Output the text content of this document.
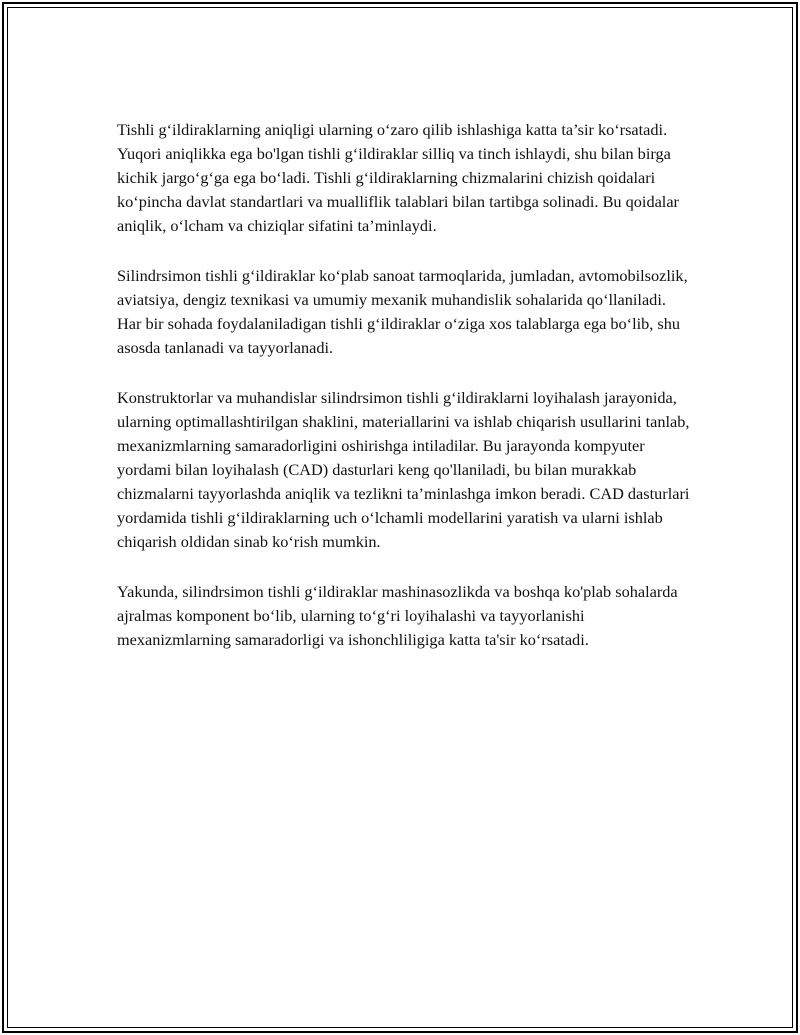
Tishli g‘ildiraklarning aniqligi ularning o‘zaro qilib ishlashiga katta ta’sir ko‘rsatadi. Yuqori aniqlikka ega bo'lgan tishli g‘ildiraklar silliq va tinch ishlaydi, shu bilan birga kichik jargo‘g‘ga ega bo‘ladi. Tishli g‘ildiraklarning chizmalarini chizish qoidalari ko‘pincha davlat standartlari va mualliflik talablari bilan tartibga solinadi. Bu qoidalar aniqlik, o‘lcham va chiziqlar sifatini ta’minlaydi.

Silindrsimon tishli g‘ildiraklar ko‘plab sanoat tarmoqlarida, jumladan, avtomobilsozlik, aviatsiya, dengiz texnikasi va umumiy mexanik muhandislik sohalarida qo‘llaniladi. Har bir sohada foydalaniladigan tishli g‘ildiraklar o‘ziga xos talablarga ega bo‘lib, shu asosda tanlanadi va tayyorlanadi.

Konstruktorlar va muhandislar silindrsimon tishli g‘ildiraklarni loyihalash jarayonida, ularning optimallashtirilgan shaklini, materiallarini va ishlab chiqarish usullarini tanlab, mexanizmlarning samaradorligini oshirishga intiladilar. Bu jarayonda kompyuter yordami bilan loyihalash (CAD) dasturlari keng qo'llaniladi, bu bilan murakkab chizmalarni tayyorlashda aniqlik va tezlikni ta’minlashga imkon beradi. CAD dasturlari yordamida tishli g‘ildiraklarning uch o‘lchamli modellarini yaratish va ularni ishlab chiqarish oldidan sinab ko‘rish mumkin.

Yakunda, silindrsimon tishli g‘ildiraklar mashinasozlikda va boshqa ko'plab sohalarda ajralmas komponent bo‘lib, ularning to‘g‘ri loyihalashi va tayyorlanishi mexanizmlarning samaradorligi va ishonchliligiga katta ta'sir ko‘rsatadi.
